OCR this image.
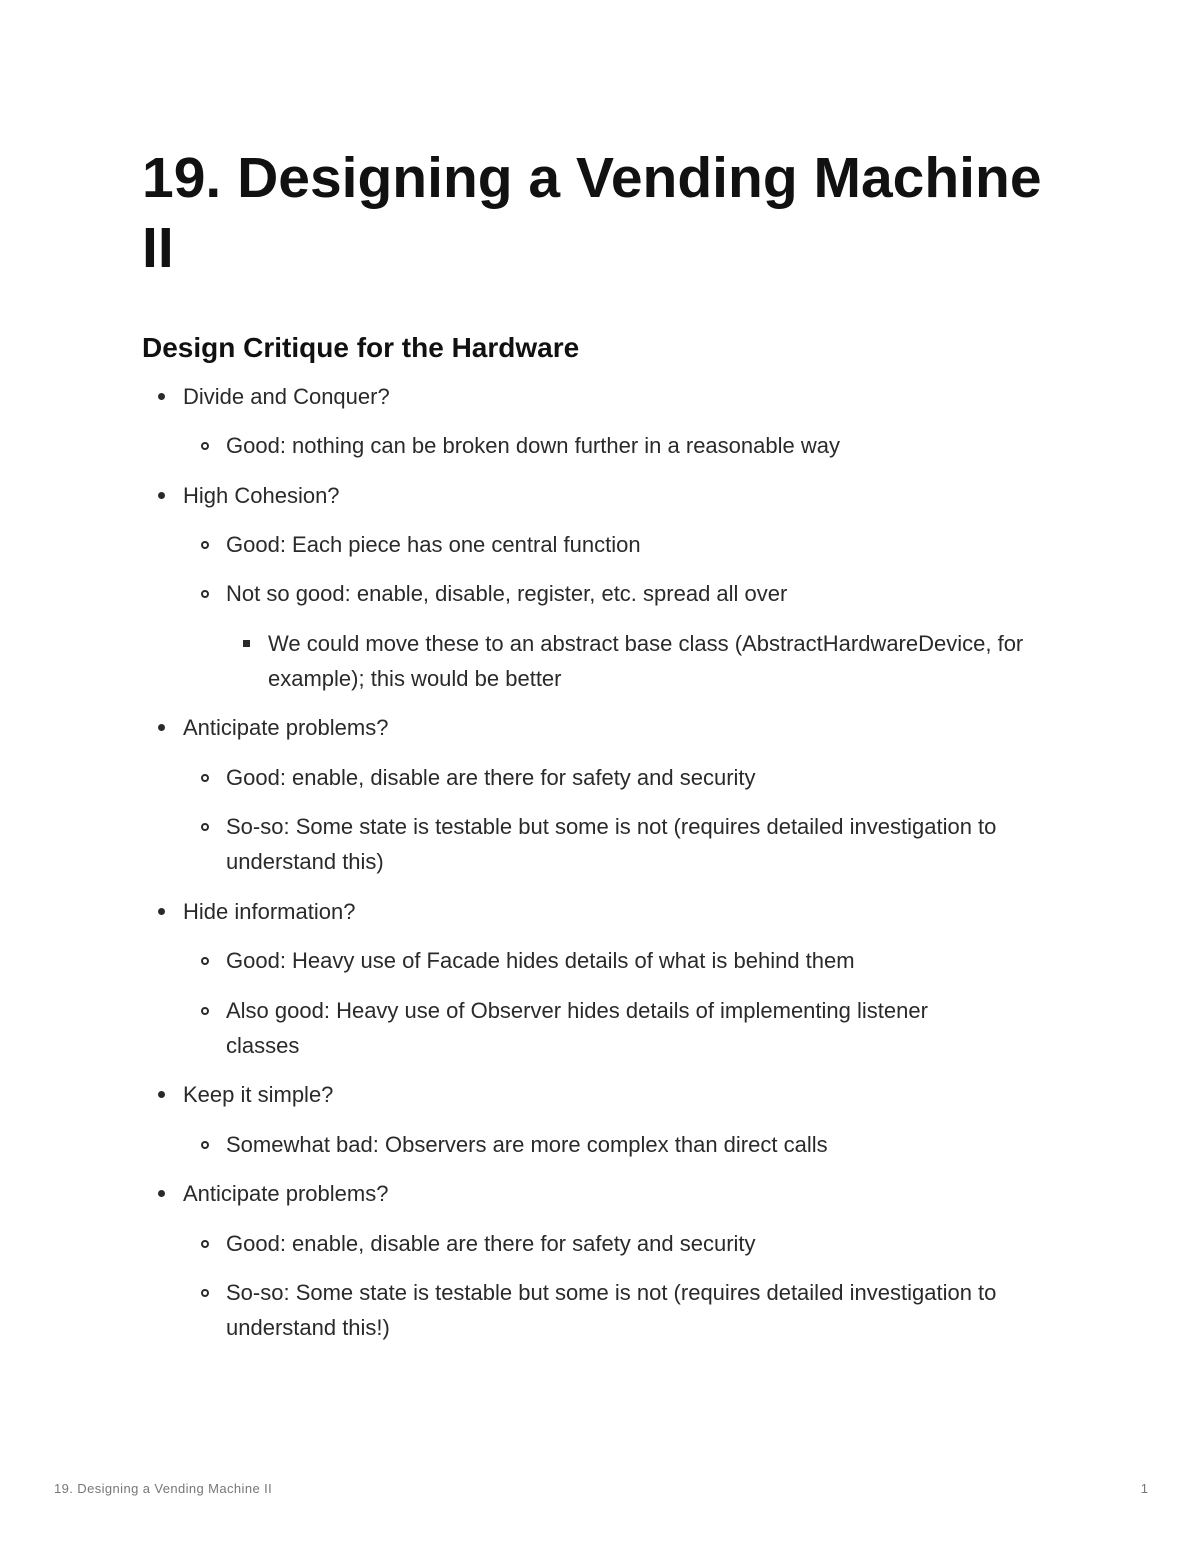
19. Designing a Vending Machine II
Design Critique for the Hardware
Divide and Conquer?
Good: nothing can be broken down further in a reasonable way
High Cohesion?
Good: Each piece has one central function
Not so good: enable, disable, register, etc. spread all over
We could move these to an abstract base class (AbstractHardwareDevice, for example); this would be better
Anticipate problems?
Good: enable, disable are there for safety and security
So-so: Some state is testable but some is not (requires detailed investigation to understand this)
Hide information?
Good: Heavy use of Facade hides details of what is behind them
Also good: Heavy use of Observer hides details of implementing listener classes
Keep it simple?
Somewhat bad: Observers are more complex than direct calls
Anticipate problems?
Good: enable, disable are there for safety and security
So-so: Some state is testable but some is not (requires detailed investigation to understand this!)
19. Designing a Vending Machine II	1
